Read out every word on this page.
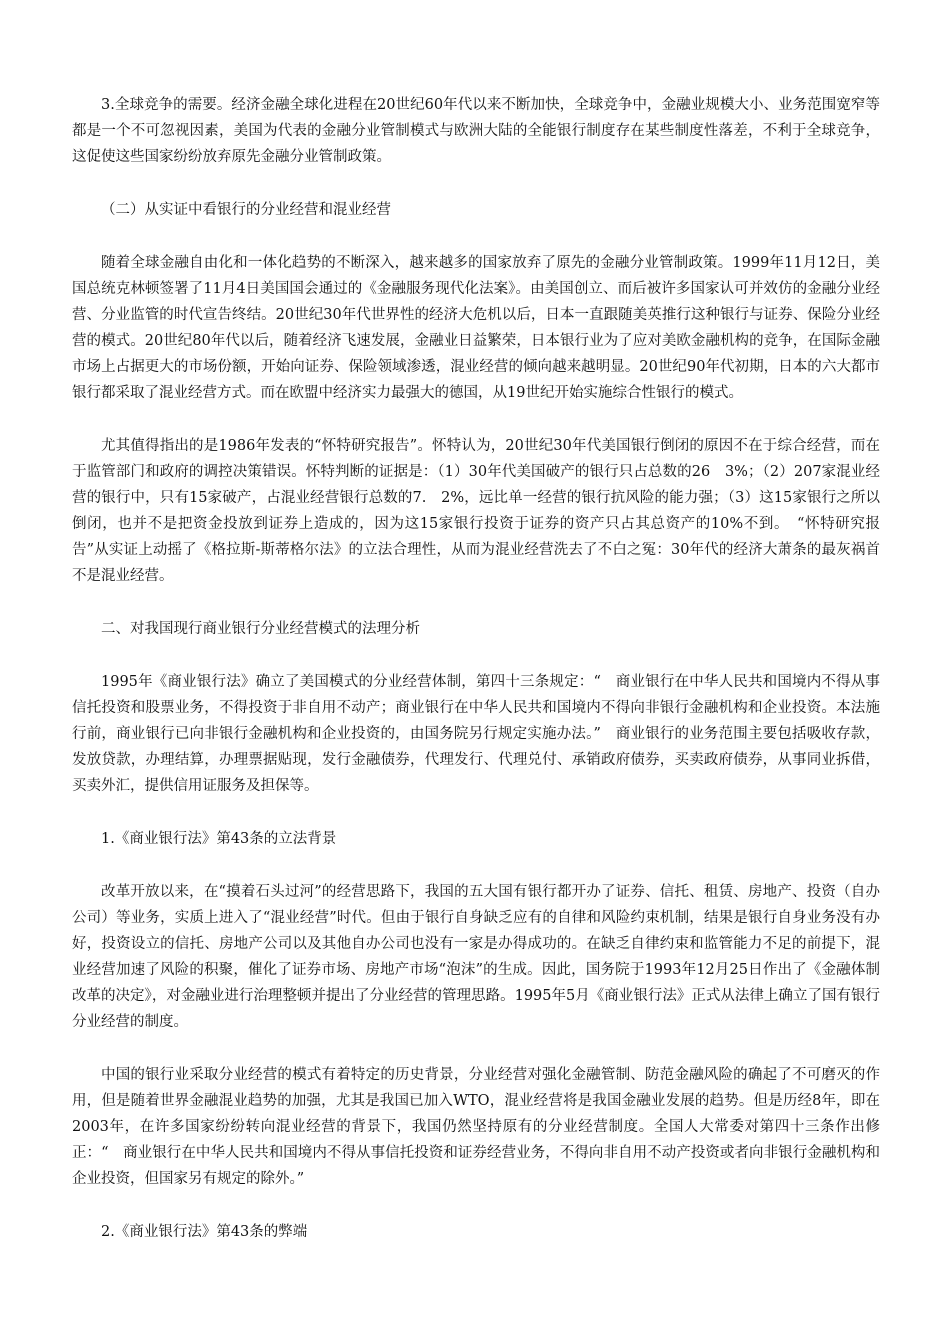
3.全球竞争的需要。经济金融全球化进程在20世纪60年代以来不断加快，全球竞争中，金融业规模大小、业务范围宽窄等都是一个不可忽视因素，美国为代表的金融分业管制模式与欧洲大陆的全能银行制度存在某些制度性落差，不利于全球竞争，这促使这些国家纷纷放弃原先金融分业管制政策。

（二）从实证中看银行的分业经营和混业经营

随着全球金融自由化和一体化趋势的不断深入，越来越多的国家放弃了原先的金融分业管制政策。1999年11月12日，美国总统克林顿签署了11月4日美国国会通过的《金融服务现代化法案》。由美国创立、而后被许多国家认可并效仿的金融分业经营、分业监管的时代宣告终结。20世纪30年代世界性的经济大危机以后，日本一直跟随美英推行这种银行与证券、保险分业经营的模式。20世纪80年代以后，随着经济飞速发展，金融业日益繁荣，日本银行业为了应对美欧金融机构的竞争，在国际金融市场上占据更大的市场份额，开始向证券、保险领域渗透，混业经营的倾向越来越明显。20世纪90年代初期，日本的六大都市银行都采取了混业经营方式。而在欧盟中经济实力最强大的德国，从19世纪开始实施综合性银行的模式。

尤其值得指出的是1986年发表的“怀特研究报告”。怀特认为，20世纪30年代美国银行倒闭的原因不在于综合经营，而在于监管部门和政府的调控决策错误。怀特判断的证据是：（1）30年代美国破产的银行只占总数的26　3%；（2）207家混业经营的银行中，只有15家破产，占混业经营银行总数的7.　2%，远比单一经营的银行抗风险的能力强；（3）这15家银行之所以倒闭，也并不是把资金投放到证券上造成的，因为这15家银行投资于证券的资产只占其总资产的10%不到。　“怀特研究报告”从实证上动摇了《格拉斯-斯蒂格尔法》的立法合理性，从而为混业经营洗去了不白之冤：30年代的经济大萧条的最灰祸首不是混业经营。

二、对我国现行商业银行分业经营模式的法理分析

1995年《商业银行法》确立了美国模式的分业经营体制，第四十三条规定：“　商业银行在中华人民共和国境内不得从事信托投资和股票业务，不得投资于非自用不动产；商业银行在中华人民共和国境内不得向非银行金融机构和企业投资。本法施行前，商业银行已向非银行金融机构和企业投资的，由国务院另行规定实施办法。”　商业银行的业务范围主要包括吸收存款，发放贷款，办理结算，办理票据贴现，发行金融债券，代理发行、代理兑付、承销政府债券，买卖政府债券，从事同业拆借，买卖外汇，提供信用证服务及担保等。

1.《商业银行法》第43条的立法背景

改革开放以来，在“摸着石头过河”的经营思路下，我国的五大国有银行都开办了证券、信托、租赁、房地产、投资（自办公司）等业务，实质上进入了“混业经营”时代。但由于银行自身缺乏应有的自律和风险约束机制，结果是银行自身业务没有办好，投资设立的信托、房地产公司以及其他自办公司也没有一家是办得成功的。在缺乏自律约束和监管能力不足的前提下，混业经营加速了风险的积聚，催化了证券市场、房地产市场“泡沫”的生成。因此，国务院于1993年12月25日作出了《金融体制改革的决定》，对金融业进行治理整顿并提出了分业经营的管理思路。1995年5月《商业银行法》正式从法律上确立了国有银行分业经营的制度。

中国的银行业采取分业经营的模式有着特定的历史背景，分业经营对强化金融管制、防范金融风险的确起了不可磨灭的作用，但是随着世界金融混业趋势的加强，尤其是我国已加入WTO，混业经营将是我国金融业发展的趋势。但是历经8年，即在2003年，在许多国家纷纷转向混业经营的背景下，我国仍然坚持原有的分业经营制度。全国人大常委对第四十三条作出修正：“　商业银行在中华人民共和国境内不得从事信托投资和证券经营业务，不得向非自用不动产投资或者向非银行金融机构和企业投资，但国家另有规定的除外。”

2.《商业银行法》第43条的弊端
